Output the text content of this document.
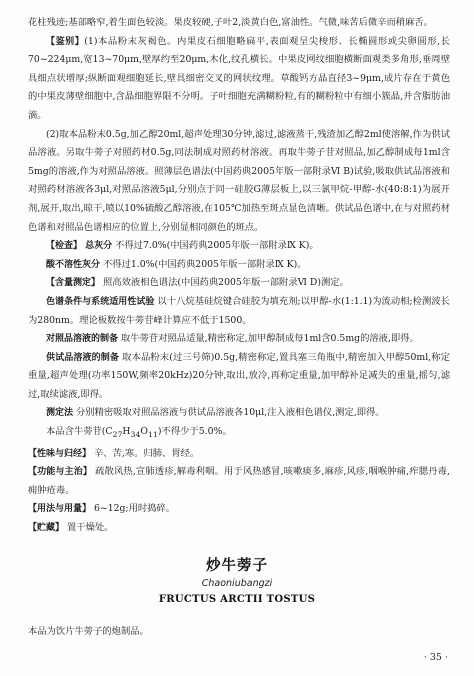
花柱残迹;基部略窄,着生面色较淡。果皮较硬,子叶2,淡黄白色,富油性。气微,味苦后微辛而稍麻舌。

【鉴别】(1)本品粉末灰褐色。内果皮石细胞略扁平,表面观呈尖梭形、长椭圆形或尖卵圆形,长70~224μm,宽13~70μm,壁厚约至20μm,木化,纹孔横长。中果皮网纹细胞横断面观类多角形,垂周壁具细点状增厚;纵断面观细胞延长,壁具细密交叉的网状纹理。草酸钙方晶直径3~9μm,成片存在于黄色的中果皮薄壁细胞中,含晶细胞界限不分明。子叶细胞充满糊粉粒,有的糊粉粒中有细小簇晶,并含脂肪油滴。

(2)取本品粉末0.5g,加乙醇20ml,超声处理30分钟,滤过,滤液蒸干,残渣加乙醇2ml使溶解,作为供试品溶液。另取牛蒡子对照药材0.5g,同法制成对照药材溶液。再取牛蒡子苷对照品,加乙醇制成每1ml含5mg的溶液,作为对照品溶液。照薄层色谱法(中国药典2005年版一部附录Ⅵ B)试验,吸取供试品溶液和对照药材溶液各3μl,对照品溶液5μl,分别点于同一硅胶G薄层板上,以三氯甲烷-甲醇-水(40:8:1)为展开剂,展开,取出,晾干,喷以10%硫酸乙醇溶液,在105℃加热至斑点显色清晰。供试品色谱中,在与对照药材色谱和对照品色谱相应的位置上,分别显相同颜色的斑点。

【检查】 总灰分 不得过7.0%(中国药典2005年版一部附录Ⅸ K)。

酸不溶性灰分 不得过1.0%(中国药典2005年版一部附录Ⅸ K)。

【含量测定】 照高效液相色谱法(中国药典2005年版一部附录Ⅵ D)测定。

色谱条件与系统适用性试验 以十八烷基硅烷键合硅胶为填充剂;以甲醇-水(1:1.1)为流动相;检测波长为280nm。理论板数按牛蒡苷峰计算应不低于1500。

对照品溶液的制备 取牛蒡苷对照品适量,精密称定,加甲醇制成每1ml含0.5mg的溶液,即得。

供试品溶液的制备 取本品粉末(过三号筛)0.5g,精密称定,置具塞三角瓶中,精密加入甲醇50ml,称定重量,超声处理(功率150W,频率20kHz)20分钟,取出,放冷,再称定重量,加甲醇补足减失的重量,摇匀,滤过,取续滤液,即得。

测定法 分别精密吸取对照品溶液与供试品溶液各10μl,注入液相色谱仪,测定,即得。

本品含牛蒡苷$(C_{27}H_{34}O_{11})$不得少于5.0%。

【性味与归经】 辛、苦,寒。归肺、胃经。

【功能与主治】 疏散风热,宣肺透疹,解毒利咽。用于风热感冒,咳嗽痰多,麻疹,风疹,咽喉肿痛,痄腮丹毒,痈肿疮毒。

【用法与用量】 6~12g;用时捣碎。

【贮藏】 置干燥处。

炒牛蒡子
Chaoniubangzi
FRUCTUS ARCTII TOSTUS
本品为饮片牛蒡子的炮制品。
· 35 ·
